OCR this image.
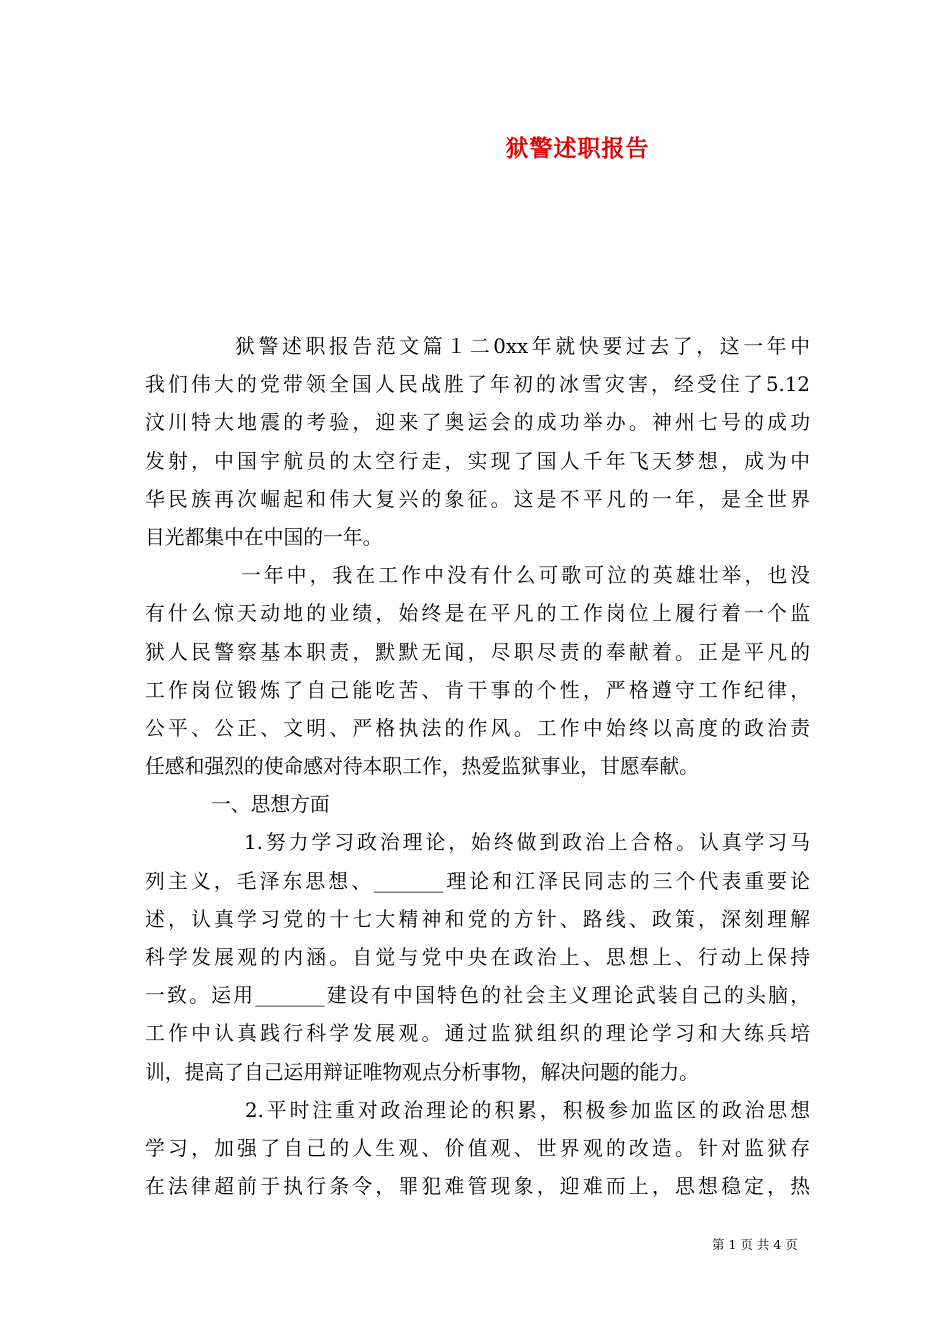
狱警述职报告
狱警述职报告范文篇１二0xx年就快要过去了，这一年中
我们伟大的党带领全国人民战胜了年初的冰雪灾害，经受住了5.12
汶川特大地震的考验，迎来了奥运会的成功举办。神州七号的成功
发射，中国宇航员的太空行走，实现了国人千年飞天梦想，成为中
华民族再次崛起和伟大复兴的象征。这是不平凡的一年，是全世界
目光都集中在中国的一年。
一年中，我在工作中没有什么可歌可泣的英雄壮举，也没
有什么惊天动地的业绩，始终是在平凡的工作岗位上履行着一个监
狱人民警察基本职责，默默无闻，尽职尽责的奉献着。正是平凡的
工作岗位锻炼了自己能吃苦、肯干事的个性，严格遵守工作纪律，
公平、公正、文明、严格执法的作风。工作中始终以高度的政治责
任感和强烈的使命感对待本职工作，热爱监狱事业，甘愿奉献。
一、思想方面
1.努力学习政治理论，始终做到政治上合格。认真学习马
列主义，毛泽东思想、_______理论和江泽民同志的三个代表重要论
述，认真学习党的十七大精神和党的方针、路线、政策，深刻理解
科学发展观的内涵。自觉与党中央在政治上、思想上、行动上保持
一致。运用_______建设有中国特色的社会主义理论武装自己的头脑，
工作中认真践行科学发展观。通过监狱组织的理论学习和大练兵培
训，提高了自己运用辩证唯物观点分析事物，解决问题的能力。
2.平时注重对政治理论的积累，积极参加监区的政治思想
学习，加强了自己的人生观、价值观、世界观的改造。针对监狱存
在法律超前于执行条令，罪犯难管现象，迎难而上，思想稳定，热
第 1 页 共 4 页
